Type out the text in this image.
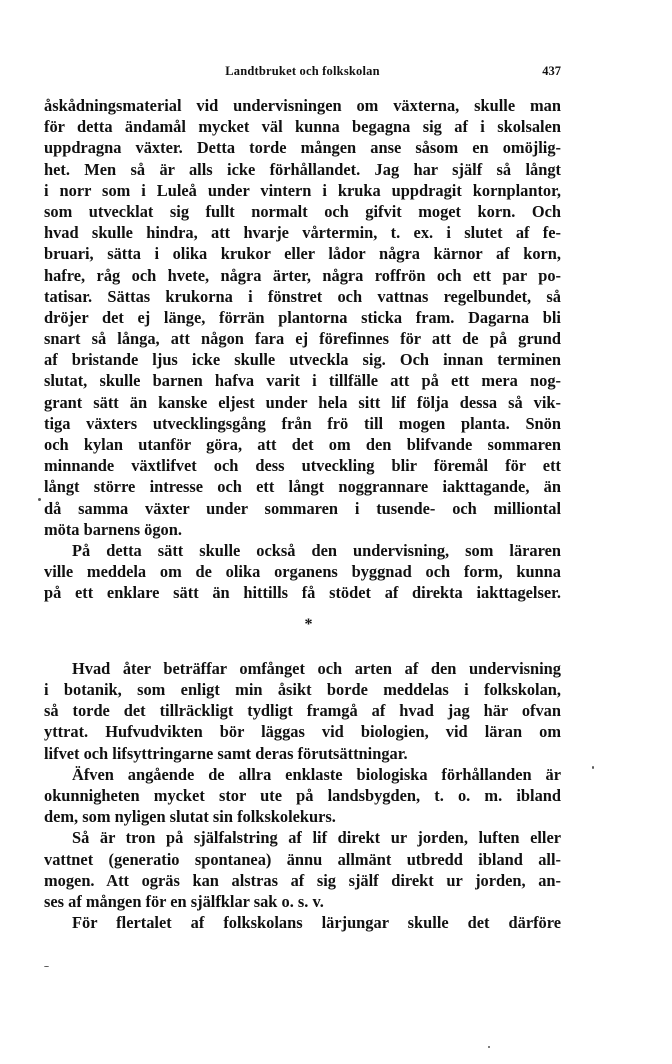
Landtbruket och folkskolan	437
åskådningsmaterial vid undervisningen om växterna, skulle man
för detta ändamål mycket väl kunna begagna sig af i skolsalen
uppdragna växter. Detta torde mången anse såsom en omöjlig-
het. Men så är alls icke förhållandet. Jag har själf så långt
i norr som i Luleå under vintern i kruka uppdragit kornplantor,
som utvecklat sig fullt normalt och gifvit moget korn. Och
hvad skulle hindra, att hvarje vårtermin, t. ex. i slutet af fe-
bruari, sätta i olika krukor eller lådor några kärnor af korn,
hafre, råg och hvete, några ärter, några roffrön och ett par po-
tatisar. Sättas krukorna i fönstret och vattnas regelbundet, så
dröjer det ej länge, förrän plantorna sticka fram. Dagarna bli
snart så långa, att någon fara ej förefinnes för att de på grund
af bristande ljus icke skulle utveckla sig. Och innan terminen
slutat, skulle barnen hafva varit i tillfälle att på ett mera nog-
grant sätt än kanske eljest under hela sitt lif följa dessa så vik-
tiga växters utvecklingsgång från frö till mogen planta. Snön
och kylan utanför göra, att det om den blifvande sommaren
minnande växtlifvet och dess utveckling blir föremål för ett
långt större intresse och ett långt noggrannare iakttagande, än
då samma växter under sommaren i tusende- och milliontal
möta barnens ögon.
På detta sätt skulle också den undervisning, som läraren
ville meddela om de olika organens byggnad och form, kunna
på ett enklare sätt än hittills få stödet af direkta iakttagelser.
*
Hvad åter beträffar omfånget och arten af den undervisning
i botanik, som enligt min åsikt borde meddelas i folkskolan,
så torde det tillräckligt tydligt framgå af hvad jag här ofvan
yttrat. Hufvudvikten bör läggas vid biologien, vid läran om
lifvet och lifsyttringarne samt deras förutsättningar.
Äfven angående de allra enklaste biologiska förhållanden är
okunnigheten mycket stor ute på landsbygden, t. o. m. ibland
dem, som nyligen slutat sin folkskolekurs.
Så är tron på själfalstring af lif direkt ur jorden, luften eller
vattnet (generatio spontanea) ännu allmänt utbredd ibland all-
mogen. Att ogräs kan alstras af sig själf direkt ur jorden, an-
ses af mången för en själfklar sak o. s. v.
För flertalet af folkskolans lärjungar skulle det därföre
